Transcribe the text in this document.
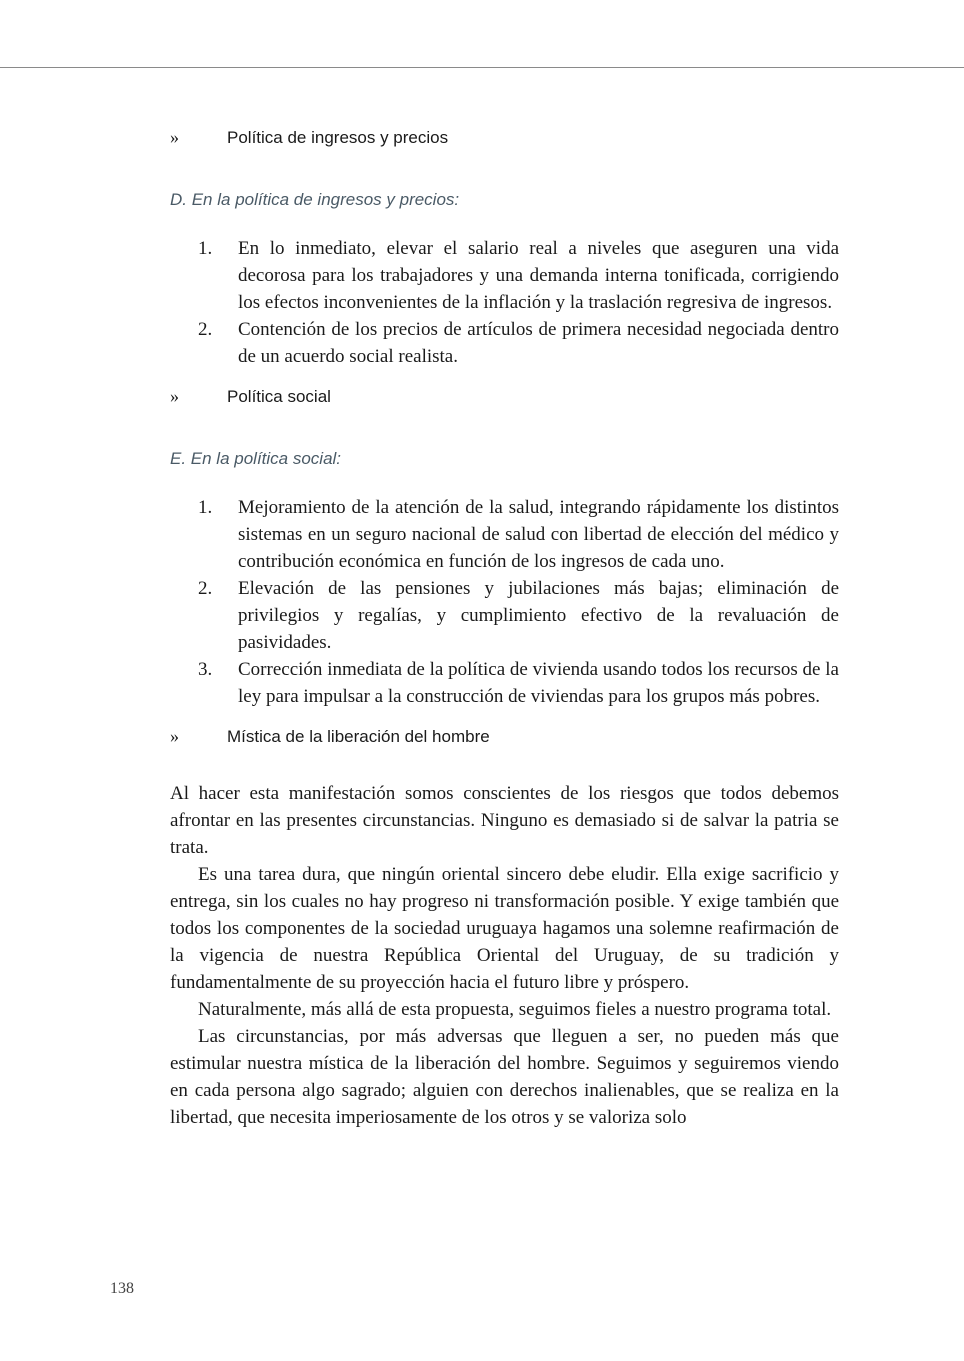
»	Política de ingresos y precios
D. En la política de ingresos y precios:
1.	En lo inmediato, elevar el salario real a niveles que aseguren una vida decorosa para los trabajadores y una demanda interna tonificada, corrigiendo los efectos inconvenientes de la inflación y la traslación regresiva de ingresos.
2.	Contención de los precios de artículos de primera necesidad negociada dentro de un acuerdo social realista.
»	Política social
E. En la política social:
1.	Mejoramiento de la atención de la salud, integrando rápidamente los distintos sistemas en un seguro nacional de salud con libertad de elección del médico y contribución económica en función de los ingresos de cada uno.
2.	Elevación de las pensiones y jubilaciones más bajas; eliminación de privilegios y regalías, y cumplimiento efectivo de la revaluación de pasividades.
3.	Corrección inmediata de la política de vivienda usando todos los recursos de la ley para impulsar a la construcción de viviendas para los grupos más pobres.
»	Mística de la liberación del hombre

Al hacer esta manifestación somos conscientes de los riesgos que todos debemos afrontar en las presentes circunstancias. Ninguno es demasiado si de salvar la patria se trata.

Es una tarea dura, que ningún oriental sincero debe eludir. Ella exige sacrificio y entrega, sin los cuales no hay progreso ni transformación posible. Y exige también que todos los componentes de la sociedad uruguaya hagamos una solemne reafirmación de la vigencia de nuestra República Oriental del Uruguay, de su tradición y fundamentalmente de su proyección hacia el futuro libre y próspero.

Naturalmente, más allá de esta propuesta, seguimos fieles a nuestro programa total.

Las circunstancias, por más adversas que lleguen a ser, no pueden más que estimular nuestra mística de la liberación del hombre. Seguimos y seguiremos viendo en cada persona algo sagrado; alguien con derechos inalienables, que se realiza en la libertad, que necesita imperiosamente de los otros y se valoriza solo

138
